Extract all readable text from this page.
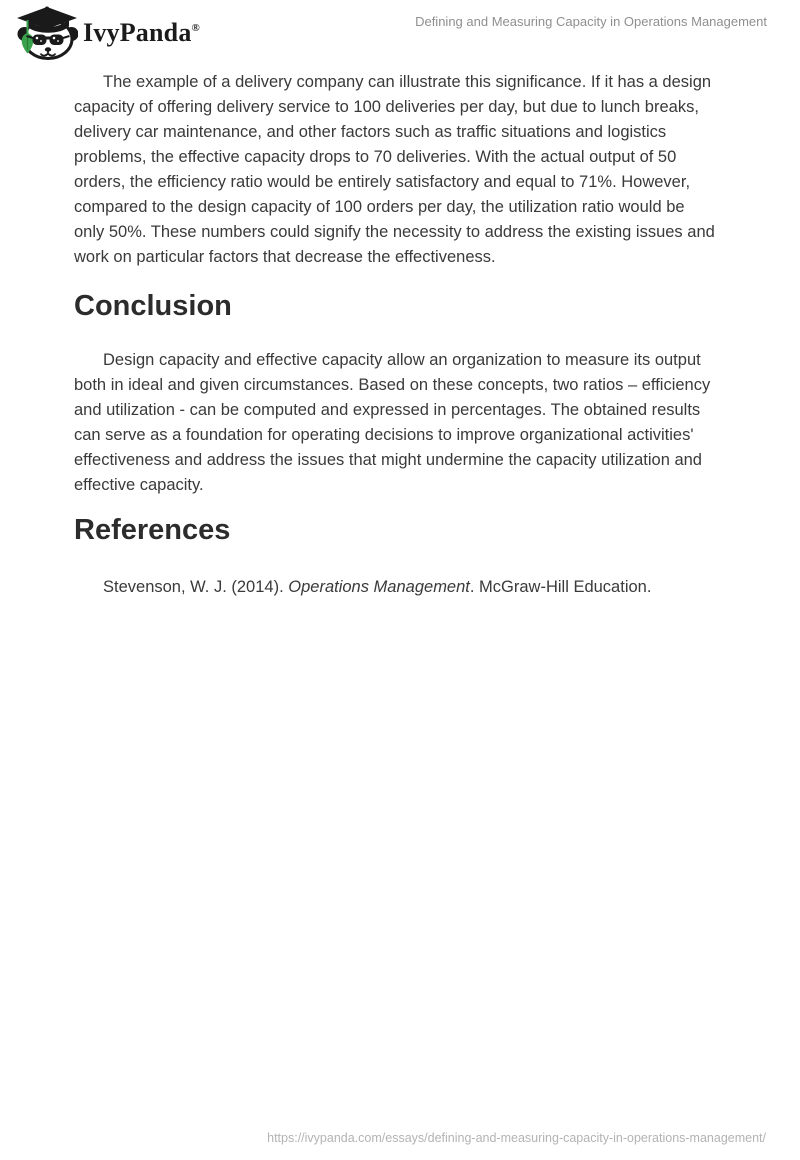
IvyPanda®	Defining and Measuring Capacity in Operations Management
The example of a delivery company can illustrate this significance. If it has a design
capacity of offering delivery service to 100 deliveries per day, but due to lunch breaks,
delivery car maintenance, and other factors such as traffic situations and logistics
problems, the effective capacity drops to 70 deliveries. With the actual output of 50
orders, the efficiency ratio would be entirely satisfactory and equal to 71%. However,
compared to the design capacity of 100 orders per day, the utilization ratio would be
only 50%. These numbers could signify the necessity to address the existing issues and
work on particular factors that decrease the effectiveness.
Conclusion
Design capacity and effective capacity allow an organization to measure its output
both in ideal and given circumstances. Based on these concepts, two ratios – efficiency
and utilization - can be computed and expressed in percentages. The obtained results
can serve as a foundation for operating decisions to improve organizational activities'
effectiveness and address the issues that might undermine the capacity utilization and
effective capacity.
References
Stevenson, W. J. (2014). Operations Management. McGraw-Hill Education.
https://ivypanda.com/essays/defining-and-measuring-capacity-in-operations-management/
